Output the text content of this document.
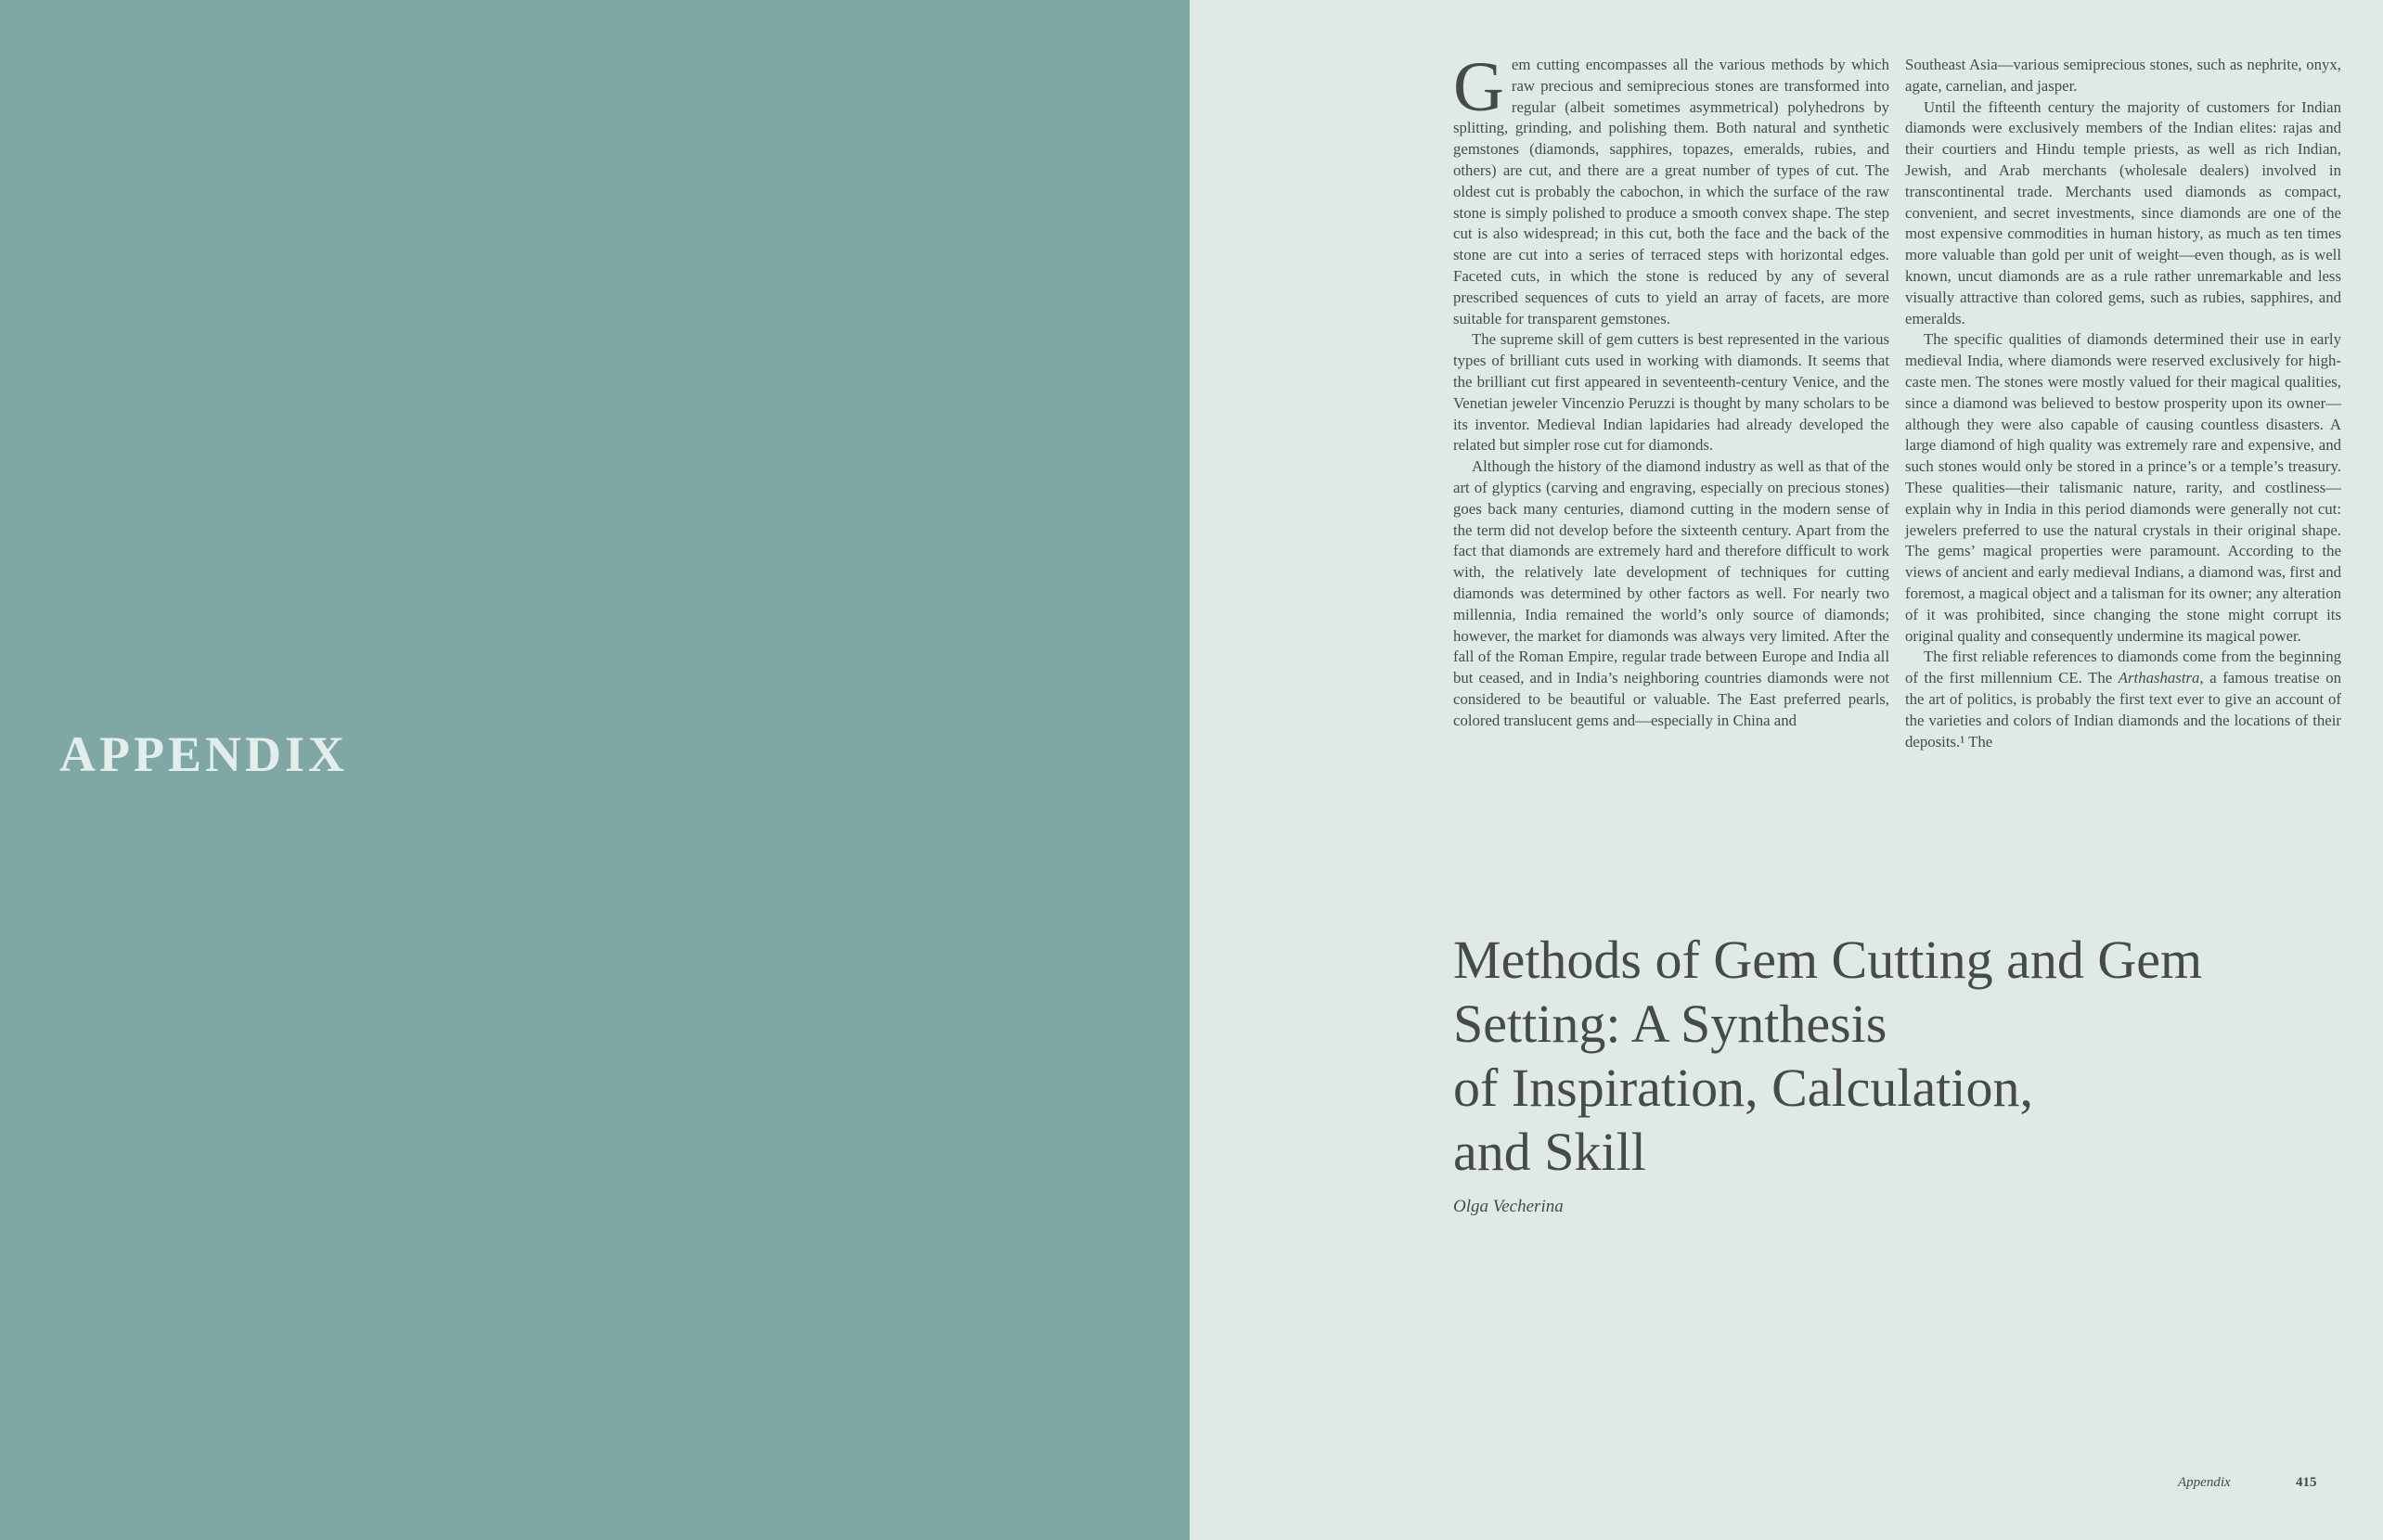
APPENDIX

Gem cutting encompasses all the various methods by which raw precious and semiprecious stones are transformed into regular (albeit sometimes asymmetrical) polyhedrons by splitting, grinding, and polishing them. Both natural and synthetic gemstones (diamonds, sapphires, topazes, emeralds, rubies, and others) are cut, and there are a great number of types of cut. The oldest cut is probably the cabochon, in which the surface of the raw stone is simply polished to produce a smooth convex shape. The step cut is also widespread; in this cut, both the face and the back of the stone are cut into a series of terraced steps with horizontal edges. Faceted cuts, in which the stone is reduced by any of several prescribed sequences of cuts to yield an array of facets, are more suitable for transparent gemstones.

The supreme skill of gem cutters is best represented in the various types of brilliant cuts used in working with diamonds. It seems that the brilliant cut first appeared in seventeenth-century Venice, and the Venetian jeweler Vincenzio Peruzzi is thought by many scholars to be its inventor. Medieval Indian lapidaries had already developed the related but simpler rose cut for diamonds.

Although the history of the diamond industry as well as that of the art of glyptics (carving and engraving, especially on precious stones) goes back many centuries, diamond cutting in the modern sense of the term did not develop before the sixteenth century. Apart from the fact that diamonds are extremely hard and therefore difficult to work with, the relatively late development of techniques for cutting diamonds was determined by other factors as well. For nearly two millennia, India remained the world’s only source of diamonds; however, the market for diamonds was always very limited. After the fall of the Roman Empire, regular trade between Europe and India all but ceased, and in India’s neighboring countries diamonds were not considered to be beautiful or valuable. The East preferred pearls, colored translucent gems and—especially in China and

Southeast Asia—various semiprecious stones, such as nephrite, onyx, agate, carnelian, and jasper.

Until the fifteenth century the majority of customers for Indian diamonds were exclusively members of the Indian elites: rajas and their courtiers and Hindu temple priests, as well as rich Indian, Jewish, and Arab merchants (wholesale dealers) involved in transcontinental trade. Merchants used diamonds as compact, convenient, and secret investments, since diamonds are one of the most expensive commodities in human history, as much as ten times more valuable than gold per unit of weight—even though, as is well known, uncut diamonds are as a rule rather unremarkable and less visually attractive than colored gems, such as rubies, sapphires, and emeralds.

The specific qualities of diamonds determined their use in early medieval India, where diamonds were reserved exclusively for high-caste men. The stones were mostly valued for their magical qualities, since a diamond was believed to bestow prosperity upon its owner—although they were also capable of causing countless disasters. A large diamond of high quality was extremely rare and expensive, and such stones would only be stored in a prince’s or a temple’s treasury. These qualities—their talismanic nature, rarity, and costliness—explain why in India in this period diamonds were generally not cut: jewelers preferred to use the natural crystals in their original shape. The gems’ magical properties were paramount. According to the views of ancient and early medieval Indians, a diamond was, first and foremost, a magical object and a talisman for its owner; any alteration of it was prohibited, since changing the stone might corrupt its original quality and consequently undermine its magical power.

The first reliable references to diamonds come from the beginning of the first millennium CE. The Arthashastra, a famous treatise on the art of politics, is probably the first text ever to give an account of the varieties and colors of Indian diamonds and the locations of their deposits.¹ The

Methods of Gem Cutting and Gem
Setting: A Synthesis
of Inspiration, Calculation,
and Skill

Olga Vecherina

Appendix	415
